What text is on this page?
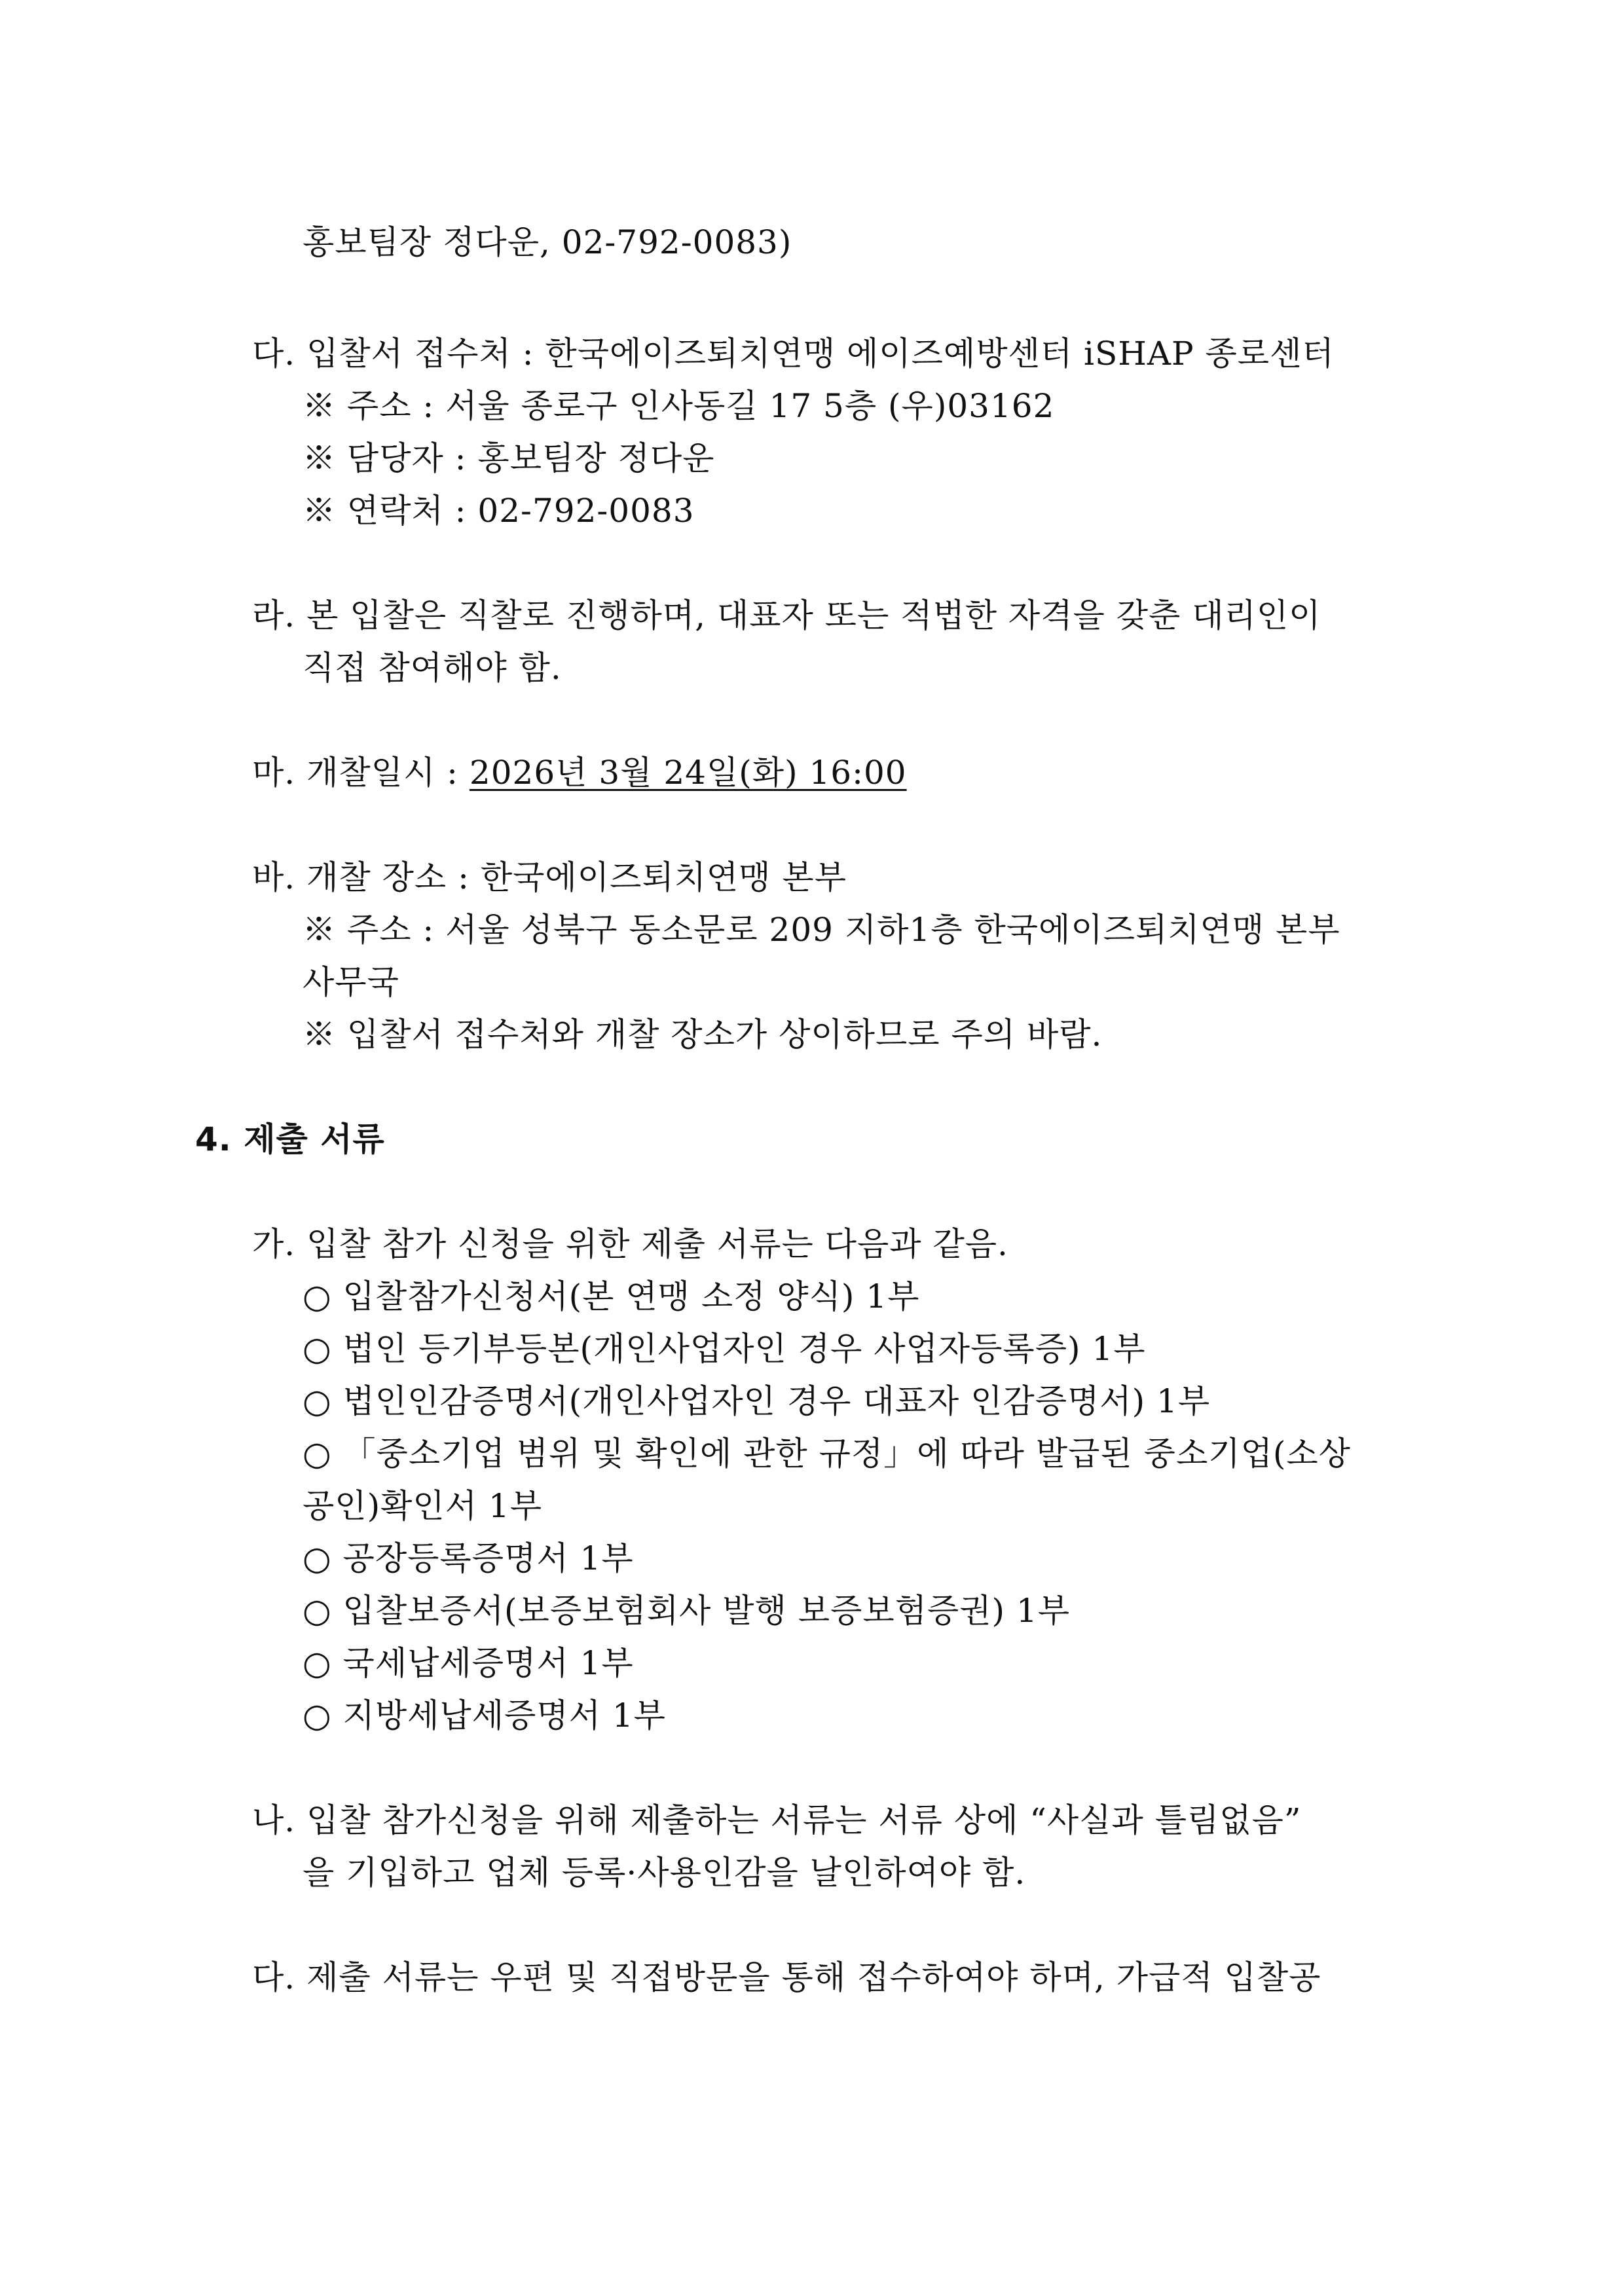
홍보팀장 정다운, 02-792-0083)
다. 입찰서 접수처 : 한국에이즈퇴치연맹 에이즈예방센터 iSHAP 종로센터
※ 주소 : 서울 종로구 인사동길 17 5층 (우)03162
※ 담당자 : 홍보팀장 정다운
※ 연락처 : 02-792-0083
라. 본 입찰은 직찰로 진행하며, 대표자 또는 적법한 자격을 갖춘 대리인이
직접 참여해야 함.
마. 개찰일시 : 2026년 3월 24일(화) 16:00
바. 개찰 장소 : 한국에이즈퇴치연맹 본부
※ 주소 : 서울 성북구 동소문로 209 지하1층 한국에이즈퇴치연맹 본부
사무국
※ 입찰서 접수처와 개찰 장소가 상이하므로 주의 바람.
4. 제출 서류
가. 입찰 참가 신청을 위한 제출 서류는 다음과 같음.
○ 입찰참가신청서(본 연맹 소정 양식) 1부
○ 법인 등기부등본(개인사업자인 경우 사업자등록증) 1부
○ 법인인감증명서(개인사업자인 경우 대표자 인감증명서) 1부
○ 「중소기업 범위 및 확인에 관한 규정」에 따라 발급된 중소기업(소상
공인)확인서 1부
○ 공장등록증명서 1부
○ 입찰보증서(보증보험회사 발행 보증보험증권) 1부
○ 국세납세증명서 1부
○ 지방세납세증명서 1부
나. 입찰 참가신청을 위해 제출하는 서류는 서류 상에 “사실과 틀림없음”
을 기입하고 업체 등록·사용인감을 날인하여야 함.
다. 제출 서류는 우편 및 직접방문을 통해 접수하여야 하며, 가급적 입찰공
